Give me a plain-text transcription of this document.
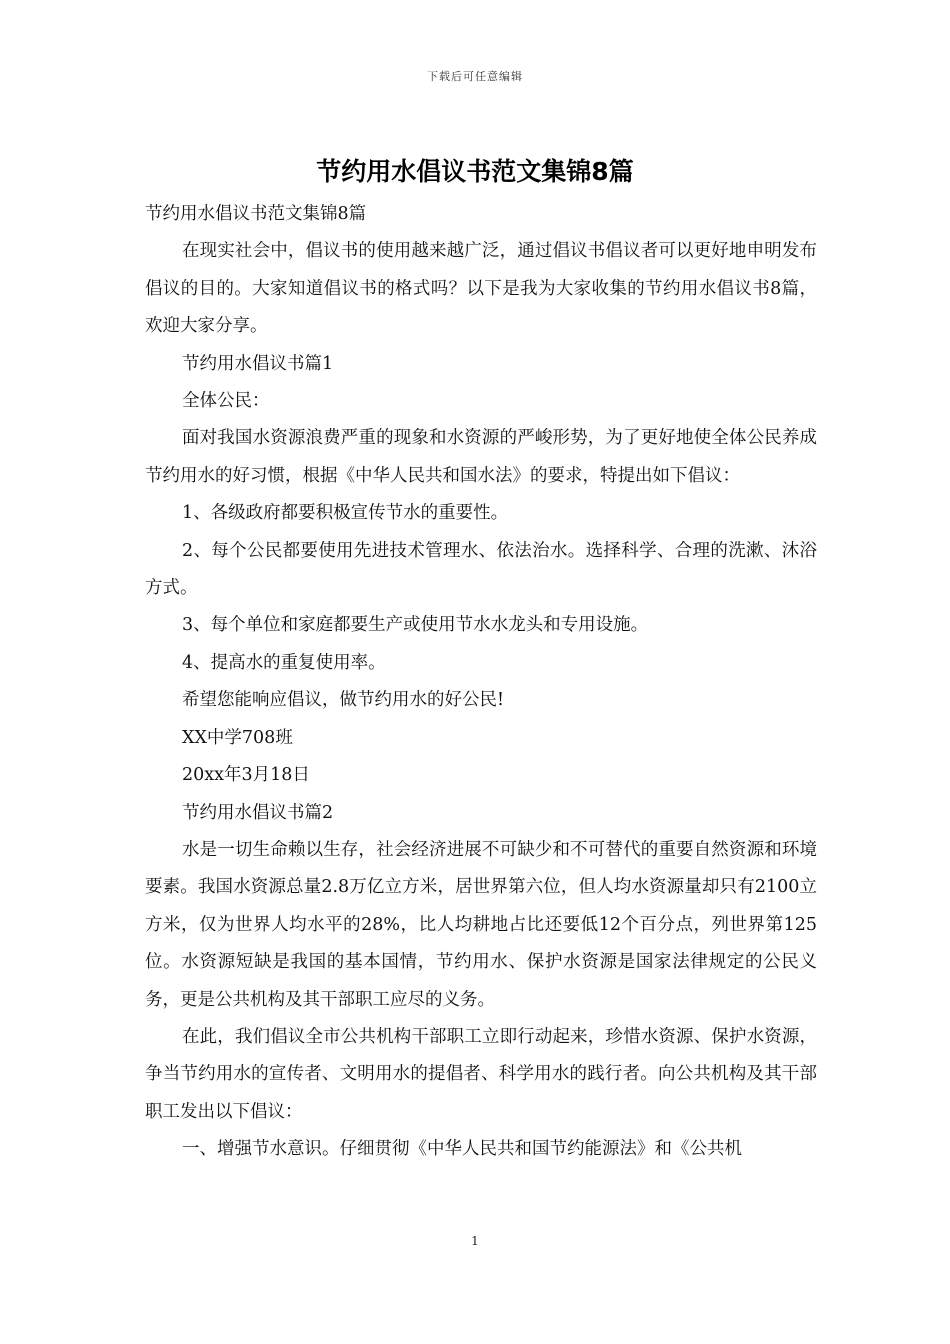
下载后可任意编辑
节约用水倡议书范文集锦8篇

节约用水倡议书范文集锦8篇

在现实社会中，倡议书的使用越来越广泛，通过倡议书倡议者可以更好地申明发布倡议的目的。大家知道倡议书的格式吗？以下是我为大家收集的节约用水倡议书8篇，欢迎大家分享。

节约用水倡议书篇1

全体公民：

面对我国水资源浪费严重的现象和水资源的严峻形势，为了更好地使全体公民养成节约用水的好习惯，根据《中华人民共和国水法》的要求，特提出如下倡议：

1、各级政府都要积极宣传节水的重要性。

2、每个公民都要使用先进技术管理水、依法治水。选择科学、合理的洗漱、沐浴方式。

3、每个单位和家庭都要生产或使用节水水龙头和专用设施。

4、提高水的重复使用率。

希望您能响应倡议，做节约用水的好公民!

XX中学708班

20xx年3月18日

节约用水倡议书篇2

水是一切生命赖以生存，社会经济进展不可缺少和不可替代的重要自然资源和环境要素。我国水资源总量2.8万亿立方米，居世界第六位，但人均水资源量却只有2100立方米，仅为世界人均水平的28%，比人均耕地占比还要低12个百分点，列世界第125位。水资源短缺是我国的基本国情，节约用水、保护水资源是国家法律规定的公民义务，更是公共机构及其干部职工应尽的义务。

在此，我们倡议全市公共机构干部职工立即行动起来，珍惜水资源、保护水资源，争当节约用水的宣传者、文明用水的提倡者、科学用水的践行者。向公共机构及其干部职工发出以下倡议：

一、增强节水意识。仔细贯彻《中华人民共和国节约能源法》和《公共机

1
